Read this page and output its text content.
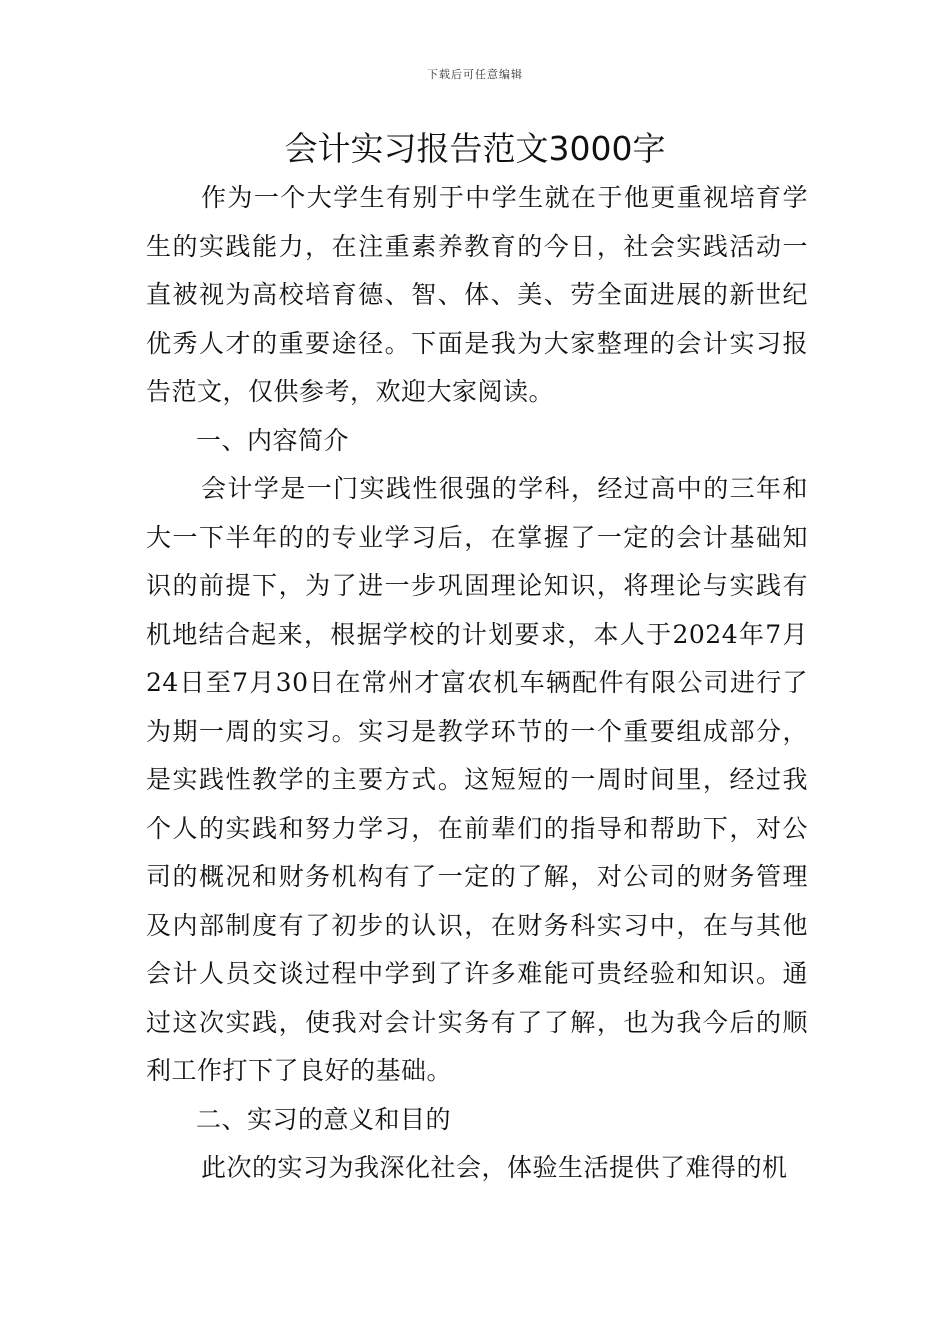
下载后可任意编辑
会计实习报告范文3000字

作为一个大学生有别于中学生就在于他更重视培育学生的实践能力，在注重素养教育的今日，社会实践活动一直被视为高校培育德、智、体、美、劳全面进展的新世纪优秀人才的重要途径。下面是我为大家整理的会计实习报告范文，仅供参考，欢迎大家阅读。

一、内容简介

会计学是一门实践性很强的学科，经过高中的三年和大一下半年的的专业学习后，在掌握了一定的会计基础知识的前提下，为了进一步巩固理论知识，将理论与实践有机地结合起来，根据学校的计划要求，本人于2024年7月24日至7月30日在常州才富农机车辆配件有限公司进行了为期一周的实习。实习是教学环节的一个重要组成部分，是实践性教学的主要方式。这短短的一周时间里，经过我个人的实践和努力学习，在前辈们的指导和帮助下，对公司的概况和财务机构有了一定的了解，对公司的财务管理及内部制度有了初步的认识，在财务科实习中，在与其他会计人员交谈过程中学到了许多难能可贵经验和知识。通过这次实践，使我对会计实务有了了解，也为我今后的顺利工作打下了良好的基础。

二、实习的意义和目的

此次的实习为我深化社会，体验生活提供了难得的机
